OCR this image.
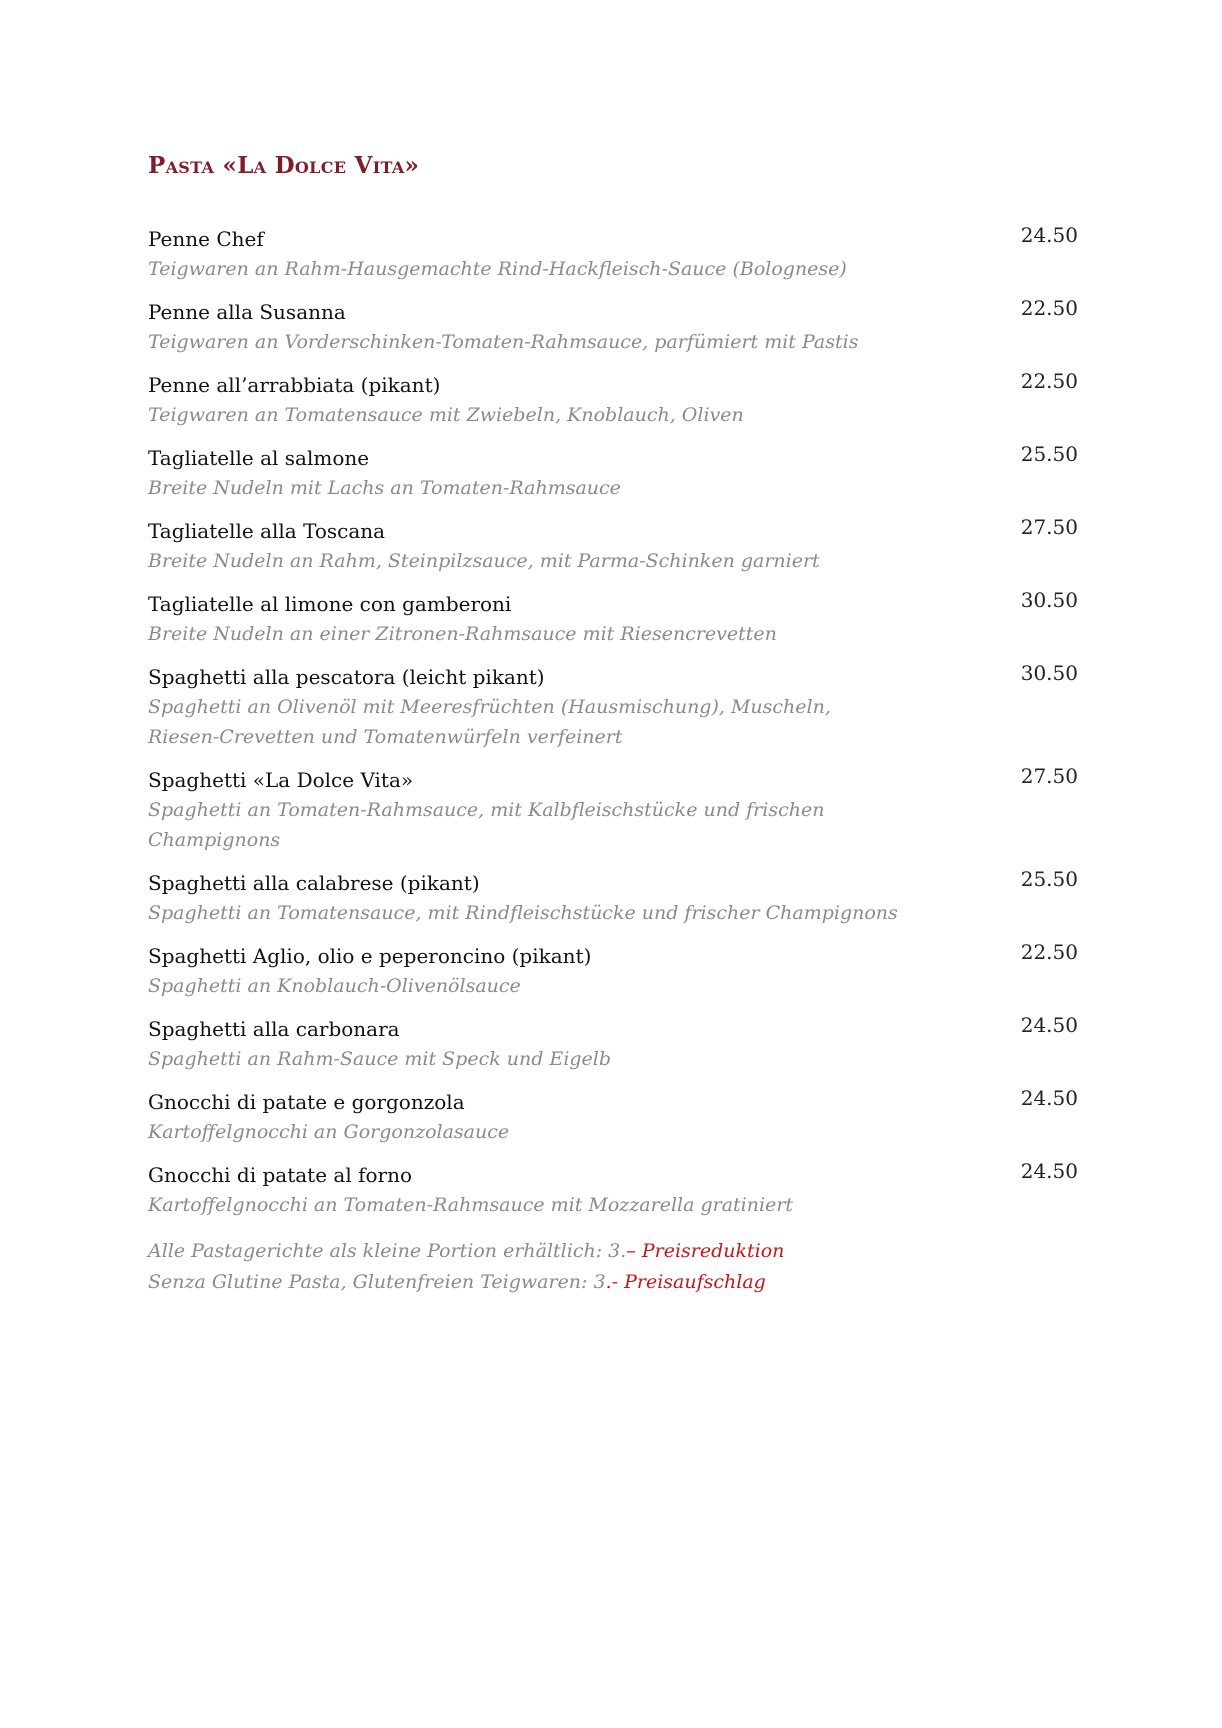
Pasta «La Dolce Vita»
Penne Chef
Teigwaren an Rahm-Hausgemachte Rind-Hackfleisch-Sauce (Bolognese)
24.50
Penne alla Susanna
Teigwaren an Vorderschinken-Tomaten-Rahmsauce, parfümiert mit Pastis
22.50
Penne all’arrabbiata (pikant)
Teigwaren an Tomatensauce mit Zwiebeln, Knoblauch, Oliven
22.50
Tagliatelle al salmone
Breite Nudeln mit Lachs an Tomaten-Rahmsauce
25.50
Tagliatelle alla Toscana
Breite Nudeln an Rahm, Steinpilzsauce, mit Parma-Schinken garniert
27.50
Tagliatelle al limone con gamberoni
Breite Nudeln an einer Zitronen-Rahmsauce mit Riesencrevetten
30.50
Spaghetti alla pescatora (leicht pikant)
Spaghetti an Olivenöl mit Meeresfrüchten (Hausmischung), Muscheln, Riesen-Crevetten und Tomatenwürfeln verfeinert
30.50
Spaghetti «La Dolce Vita»
Spaghetti an Tomaten-Rahmsauce, mit Kalbfleischstücke und frischen Champignons
27.50
Spaghetti alla calabrese (pikant)
Spaghetti an Tomatensauce, mit Rindfleischstücke und frischer Champignons
25.50
Spaghetti Aglio, olio e peperoncino (pikant)
Spaghetti an Knoblauch-Olivenölsauce
22.50
Spaghetti alla carbonara
Spaghetti an Rahm-Sauce mit Speck und Eigelb
24.50
Gnocchi di patate e gorgonzola
Kartoffelgnocchi an Gorgonzolasauce
24.50
Gnocchi di patate al forno
Kartoffelgnocchi an Tomaten-Rahmsauce mit Mozzarella gratiniert
24.50
Alle Pastagerichte als kleine Portion erhältlich: 3.– Preisreduktion
Senza Glutine Pasta, Glutenfreien Teigwaren: 3.- Preisaufschlag
